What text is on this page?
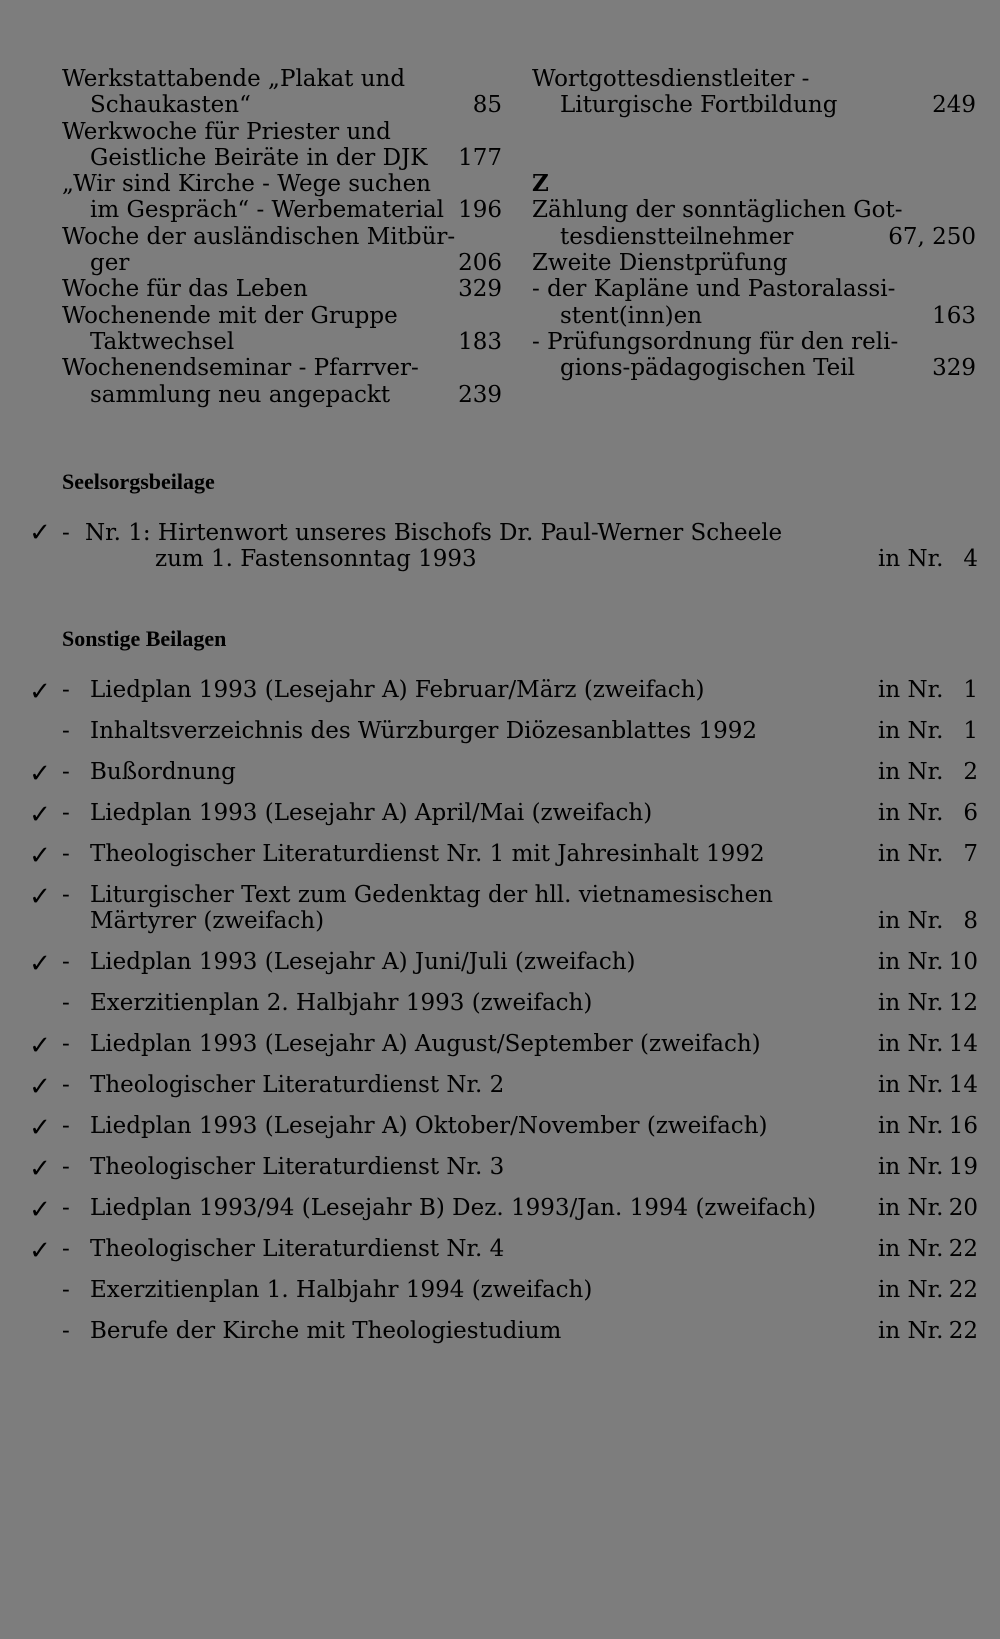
Werkstattabende „Plakat und
Schaukasten“	85
Werkwoche für Priester und
Geistliche Beiräte in der DJK	177
„Wir sind Kirche - Wege suchen
im Gespräch“ - Werbematerial 196
Woche der ausländischen Mitbür-
ger	206
Woche für das Leben	329
Wochenende mit der Gruppe
Taktwechsel	183
Wochenendseminar - Pfarrver-
sammlung neu angepackt	239
Wortgottesdienstleiter -
Liturgische Fortbildung	249
Z
Zählung der sonntäglichen Got-
tesdienstteilnehmer	67, 250
Zweite Dienstprüfung
- der Kapläne und Pastoralassi-
stent(inn)en	163
- Prüfungsordnung für den reli-
gions-pädagogischen Teil	329
Seelsorgsbeilage
✓ - Nr. 1: Hirtenwort unseres Bischofs Dr. Paul-Werner Scheele
zum 1. Fastensonntag 1993	in Nr. 4
Sonstige Beilagen
✓ - Liedplan 1993 (Lesejahr A) Februar/März (zweifach)	in Nr. 1
- Inhaltsverzeichnis des Würzburger Diözesanblattes 1992	in Nr. 1
✓ - Bußordnung	in Nr. 2
✓ - Liedplan 1993 (Lesejahr A) April/Mai (zweifach)	in Nr. 6
✓ - Theologischer Literaturdienst Nr. 1 mit Jahresinhalt 1992	in Nr. 7
✓ - Liturgischer Text zum Gedenktag der hll. vietnamesischen
Märtyrer (zweifach)	in Nr. 8
✓ - Liedplan 1993 (Lesejahr A) Juni/Juli (zweifach)	in Nr. 10
- Exerzitienplan 2. Halbjahr 1993 (zweifach)	in Nr. 12
✓ - Liedplan 1993 (Lesejahr A) August/September (zweifach)	in Nr. 14
✓ - Theologischer Literaturdienst Nr. 2	in Nr. 14
✓ - Liedplan 1993 (Lesejahr A) Oktober/November (zweifach)	in Nr. 16
✓ - Theologischer Literaturdienst Nr. 3	in Nr. 19
✓ - Liedplan 1993/94 (Lesejahr B) Dez. 1993/Jan. 1994 (zweifach)	in Nr. 20
✓ - Theologischer Literaturdienst Nr. 4	in Nr. 22
- Exerzitienplan 1. Halbjahr 1994 (zweifach)	in Nr. 22
- Berufe der Kirche mit Theologiestudium	in Nr. 22
